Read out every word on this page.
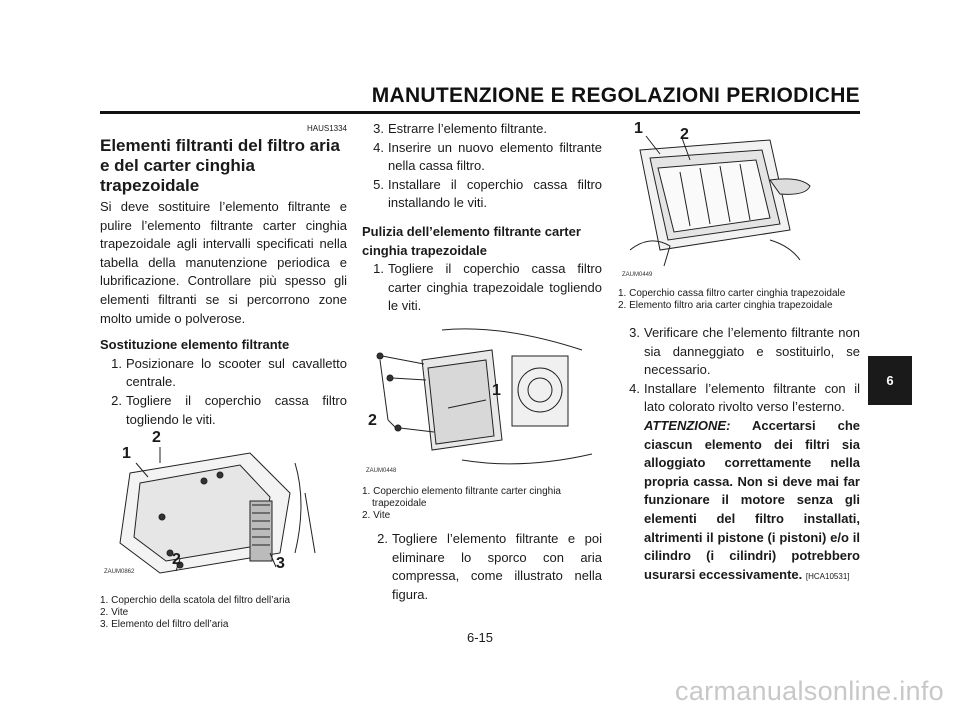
MANUTENZIONE E REGOLAZIONI PERIODICHE
6
HAUS1334
Elementi filtranti del filtro aria e del carter cinghia trapezoidale

Si deve sostituire l’elemento filtrante e pulire l’elemento filtrante carter cinghia trapezoidale agli intervalli specificati nella tabella della manutenzione periodica e lubrificazione. Controllare più spesso gli elementi filtranti se si percorrono zone molto umide o polverose.

Sostituzione elemento filtrante
1. Posizionare lo scooter sul cavalletto centrale.
2. Togliere il coperchio cassa filtro togliendo le viti.
2
1
2	3
ZAUM0862
1. Coperchio della scatola del filtro dell’aria
2. Vite
3. Elemento del filtro dell’aria
3. Estrarre l’elemento filtrante.
4. Inserire un nuovo elemento filtrante nella cassa filtro.
5. Installare il coperchio cassa filtro installando le viti.
Pulizia dell’elemento filtrante carter cinghia trapezoidale
1. Togliere il coperchio cassa filtro carter cinghia trapezoidale togliendo le viti.
1
2
ZAUM0448
1. Coperchio elemento filtrante carter cinghia trapezoidale
2. Vite
2. Togliere l’elemento filtrante e poi eliminare lo sporco con aria compressa, come illustrato nella figura.
1 2
ZAUM0449
1. Coperchio cassa filtro carter cinghia trapezoidale
2. Elemento filtro aria carter cinghia trapezoidale
3. Verificare che l’elemento filtrante non sia danneggiato e sostituirlo, se necessario.
4. Installare l’elemento filtrante con il lato colorato rivolto verso l’esterno.
ATTENZIONE: Accertarsi che ciascun elemento dei filtri sia alloggiato correttamente nella propria cassa. Non si deve mai far funzionare il motore senza gli elementi del filtro installati, altrimenti il pistone (i pistoni) e/o il cilindro (i cilindri) potrebbero usurarsi eccessivamente. [HCA10531]
6-15
carmanualsonline.info
